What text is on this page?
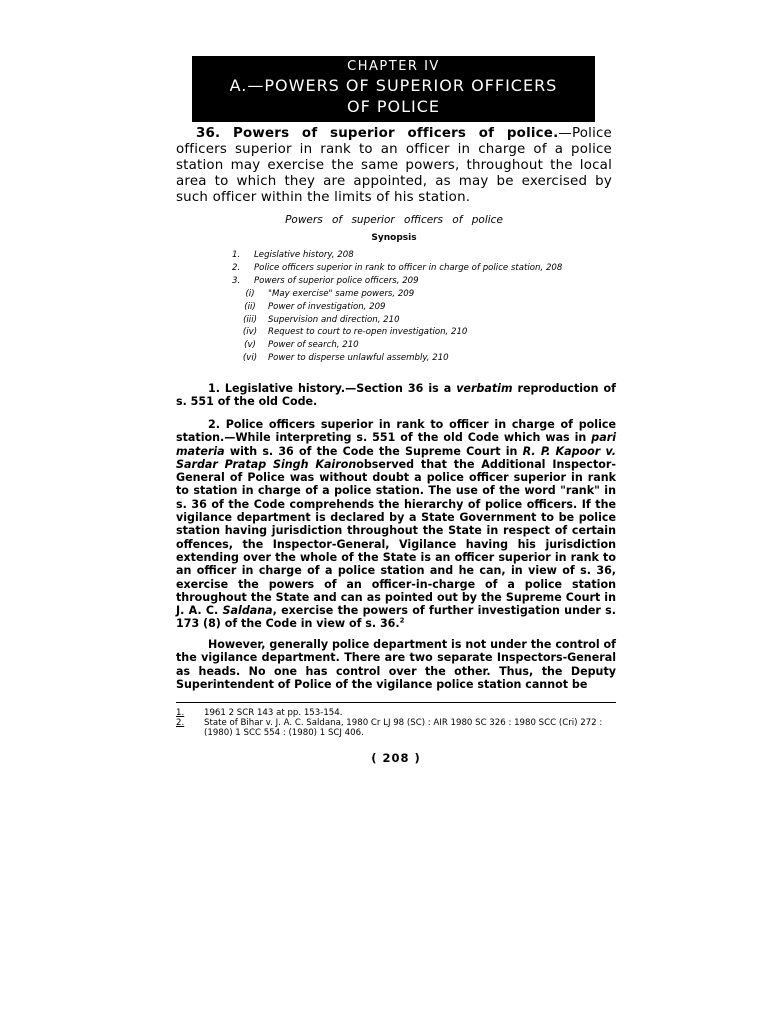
CHAPTER IV
A.—POWERS OF SUPERIOR OFFICERS
OF POLICE
36. Powers of superior officers of police.—Police officers superior in rank to an officer in charge of a police station may exercise the same powers, throughout the local area to which they are appointed, as may be exercised by such officer within the limits of his station.
Powers of superior officers of police
Synopsis
1.	Legislative history, 208
2.	Police officers superior in rank to officer in charge of police station, 208
3.	Powers of superior police officers, 209
(i)	"May exercise" same powers, 209
(ii)	Power of investigation, 209
(iii)	Supervision and direction, 210
(iv)	Request to court to re-open investigation, 210
(v)	Power of search, 210
(vi)	Power to disperse unlawful assembly, 210

1. Legislative history.—Section 36 is a verbatim reproduction of s. 551 of the old Code.

2. Police officers superior in rank to officer in charge of police station.—While interpreting s. 551 of the old Code which was in pari materia with s. 36 of the Code the Supreme Court in R. P. Kapoor v. Sardar Pratap Singh Kaironobserved that the Additional Inspector-General of Police was without doubt a police officer superior in rank to station in charge of a police station. The use of the word "rank" in s. 36 of the Code comprehends the hierarchy of police officers. If the vigilance department is declared by a State Government to be police station having jurisdiction throughout the State in respect of certain offences, the Inspector-General, Vigilance having his jurisdiction extending over the whole of the State is an officer superior in rank to an officer in charge of a police station and he can, in view of s. 36, exercise the powers of an officer-in-charge of a police station throughout the State and can as pointed out by the Supreme Court in J. A. C. Saldana, exercise the powers of further investigation under s. 173 (8) of the Code in view of s. 36.$^2$

However, generally police department is not under the control of the vigilance department. There are two separate Inspectors-General as heads. No one has control over the other. Thus, the Deputy Superintendent of Police of the vigilance police station cannot be

1.	1961 2 SCR 143 at pp. 153-154.
2.	State of Bihar v. J. A. C. Saldana, 1980 Cr LJ 98 (SC) : AIR 1980 SC 326 : 1980 SCC (Cri) 272 : (1980) 1 SCC 554 : (1980) 1 SCJ 406.
( 208 )
